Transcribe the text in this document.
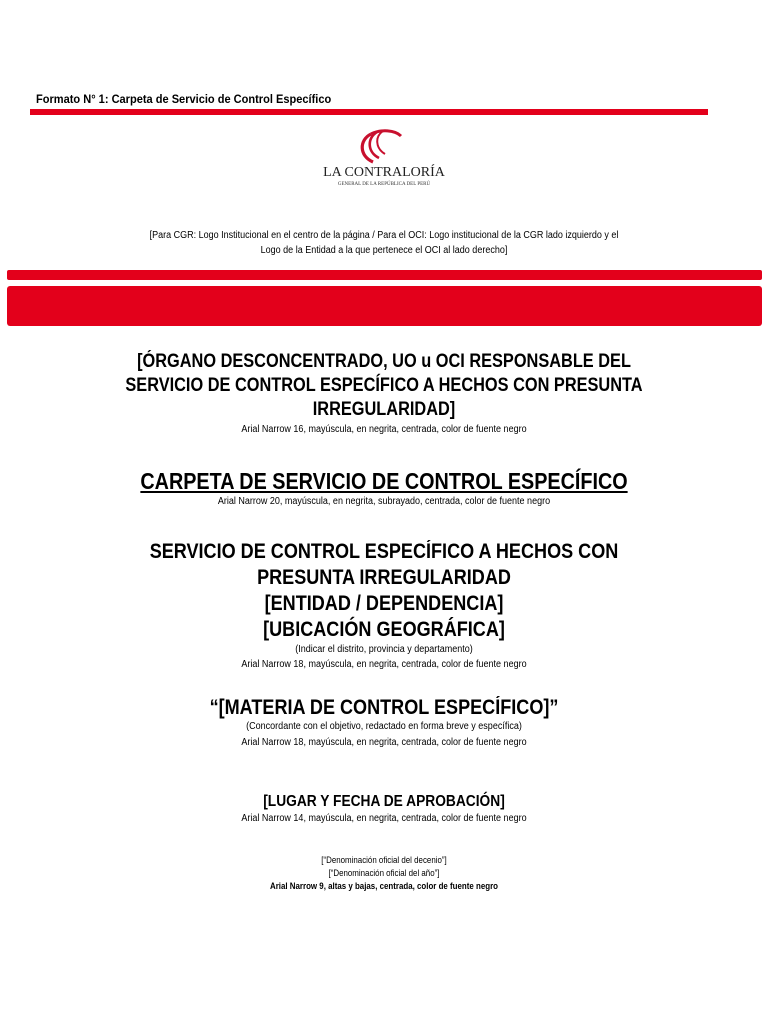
Formato N° 1: Carpeta de Servicio de Control Específico
LA CONTRALORÍA
GENERAL DE LA REPÚBLICA DEL PERÚ
[Para CGR: Logo Institucional en el centro de la página / Para el OCI: Logo institucional de la CGR lado izquierdo y el
Logo de la Entidad a la que pertenece el OCI al lado derecho]
[ÓRGANO DESCONCENTRADO, UO u OCI RESPONSABLE DEL
SERVICIO DE CONTROL ESPECÍFICO A HECHOS CON PRESUNTA
IRREGULARIDAD]
Arial Narrow 16, mayúscula, en negrita, centrada, color de fuente negro
CARPETA DE SERVICIO DE CONTROL ESPECÍFICO
Arial Narrow 20, mayúscula, en negrita, subrayado, centrada, color de fuente negro
SERVICIO DE CONTROL ESPECÍFICO A HECHOS CON
PRESUNTA IRREGULARIDAD
[ENTIDAD / DEPENDENCIA]
[UBICACIÓN GEOGRÁFICA]
(Indicar el distrito, provincia y departamento)
Arial Narrow 18, mayúscula, en negrita, centrada, color de fuente negro
“[MATERIA DE CONTROL ESPECÍFICO]”
(Concordante con el objetivo, redactado en forma breve y específica)
Arial Narrow 18, mayúscula, en negrita, centrada, color de fuente negro
[LUGAR Y FECHA DE APROBACIÓN]
Arial Narrow 14, mayúscula, en negrita, centrada, color de fuente negro
[“Denominación oficial del decenio”]
[“Denominación oficial del año”]
Arial Narrow 9, altas y bajas, centrada, color de fuente negro
